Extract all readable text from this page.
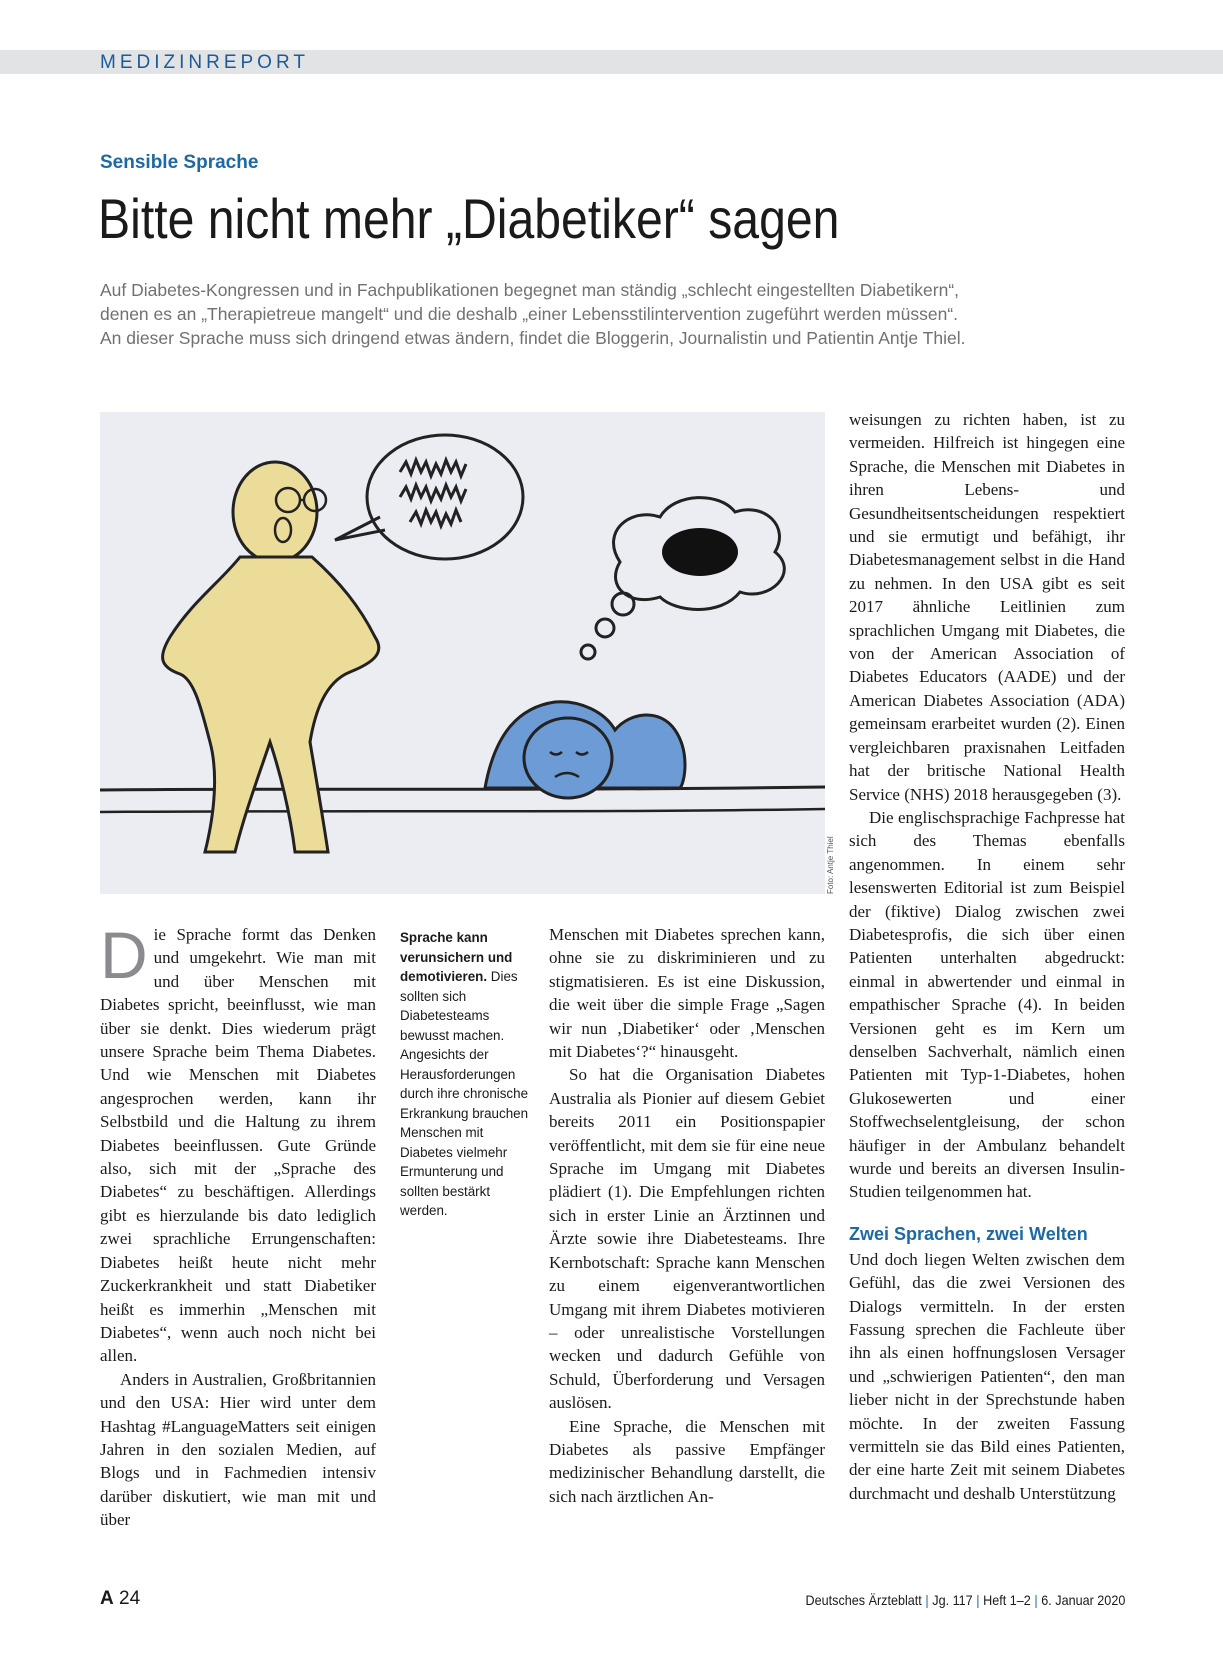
MEDIZINREPORT
Sensible Sprache
Bitte nicht mehr „Diabetiker“ sagen

Auf Diabetes-Kongressen und in Fachpublikationen begegnet man ständig „schlecht eingestellten Diabetikern“,

denen es an „Therapietreue mangelt“ und die deshalb „einer Lebensstilintervention zugeführt werden müssen“.

An dieser Sprache muss sich dringend etwas ändern, findet die Bloggerin, Journalistin und Patientin Antje Thiel.

Foto: Antje Thiel

Die Sprache formt das Denken und umgekehrt. Wie man mit und über Menschen mit Diabetes spricht, beeinflusst, wie man über sie denkt. Dies wiederum prägt unsere Sprache beim Thema Diabetes. Und wie Menschen mit Diabetes angesprochen werden, kann ihr Selbstbild und die Haltung zu ihrem Diabetes beeinflussen. Gute Gründe also, sich mit der „Sprache des Diabetes“ zu beschäftigen. Allerdings gibt es hierzulande bis dato lediglich zwei sprachliche Errungenschaften: Diabetes heißt heute nicht mehr Zuckerkrankheit und statt Diabetiker heißt es immerhin „Menschen mit Diabetes“, wenn auch noch nicht bei allen.

Anders in Australien, Großbritannien und den USA: Hier wird unter dem Hashtag #LanguageMatters seit einigen Jahren in den sozialen Medien, auf Blogs und in Fachmedien intensiv darüber diskutiert, wie man mit und über

Sprache kann verunsichern und demotivieren. Dies sollten sich Diabetesteams bewusst machen. Angesichts der Herausforderungen durch ihre chronische Erkrankung brauchen Menschen mit Diabetes vielmehr Ermunterung und sollten bestärkt werden.

Menschen mit Diabetes sprechen kann, ohne sie zu diskriminieren und zu stigmatisieren. Es ist eine Diskussion, die weit über die simple Frage „Sagen wir nun ‚Diabetiker‘ oder ‚Menschen mit Diabetes‘?“ hinausgeht.

So hat die Organisation Diabetes Australia als Pionier auf diesem Gebiet bereits 2011 ein Positionspapier veröffentlicht, mit dem sie für eine neue Sprache im Umgang mit Diabetes plädiert (1). Die Empfehlungen richten sich in erster Linie an Ärztinnen und Ärzte sowie ihre Diabetesteams. Ihre Kernbotschaft: Sprache kann Menschen zu einem eigenverantwortlichen Umgang mit ihrem Diabetes motivieren – oder unrealistische Vorstellungen wecken und dadurch Gefühle von Schuld, Überforderung und Versagen auslösen.

Eine Sprache, die Menschen mit Diabetes als passive Empfänger medizinischer Behandlung darstellt, die sich nach ärztlichen An-

weisungen zu richten haben, ist zu vermeiden. Hilfreich ist hingegen eine Sprache, die Menschen mit Diabetes in ihren Lebens- und Gesundheitsentscheidungen respektiert und sie ermutigt und befähigt, ihr Diabetesmanagement selbst in die Hand zu nehmen. In den USA gibt es seit 2017 ähnliche Leitlinien zum sprachlichen Umgang mit Diabetes, die von der American Association of Diabetes Educators (AADE) und der American Diabetes Association (ADA) gemeinsam erarbeitet wurden (2). Einen vergleichbaren praxisnahen Leitfaden hat der britische National Health Service (NHS) 2018 herausgegeben (3).

Die englischsprachige Fachpresse hat sich des Themas ebenfalls angenommen. In einem sehr lesenswerten Editorial ist zum Beispiel der (fiktive) Dialog zwischen zwei Diabetesprofis, die sich über einen Patienten unterhalten abgedruckt: einmal in abwertender und einmal in empathischer Sprache (4). In beiden Versionen geht es im Kern um denselben Sachverhalt, nämlich einen Patienten mit Typ-1-Diabetes, hohen Glukosewerten und einer Stoffwechselentgleisung, der schon häufiger in der Ambulanz behandelt wurde und bereits an diversen Insulin-Studien teilgenommen hat.

Zwei Sprachen, zwei Welten

Und doch liegen Welten zwischen dem Gefühl, das die zwei Versionen des Dialogs vermitteln. In der ersten Fassung sprechen die Fachleute über ihn als einen hoffnungslosen Versager und „schwierigen Patienten“, den man lieber nicht in der Sprechstunde haben möchte. In der zweiten Fassung vermitteln sie das Bild eines Patienten, der eine harte Zeit mit seinem Diabetes durchmacht und deshalb Unterstützung

A 24	Deutsches Ärzteblatt | Jg. 117 | Heft 1–2 | 6. Januar 2020
